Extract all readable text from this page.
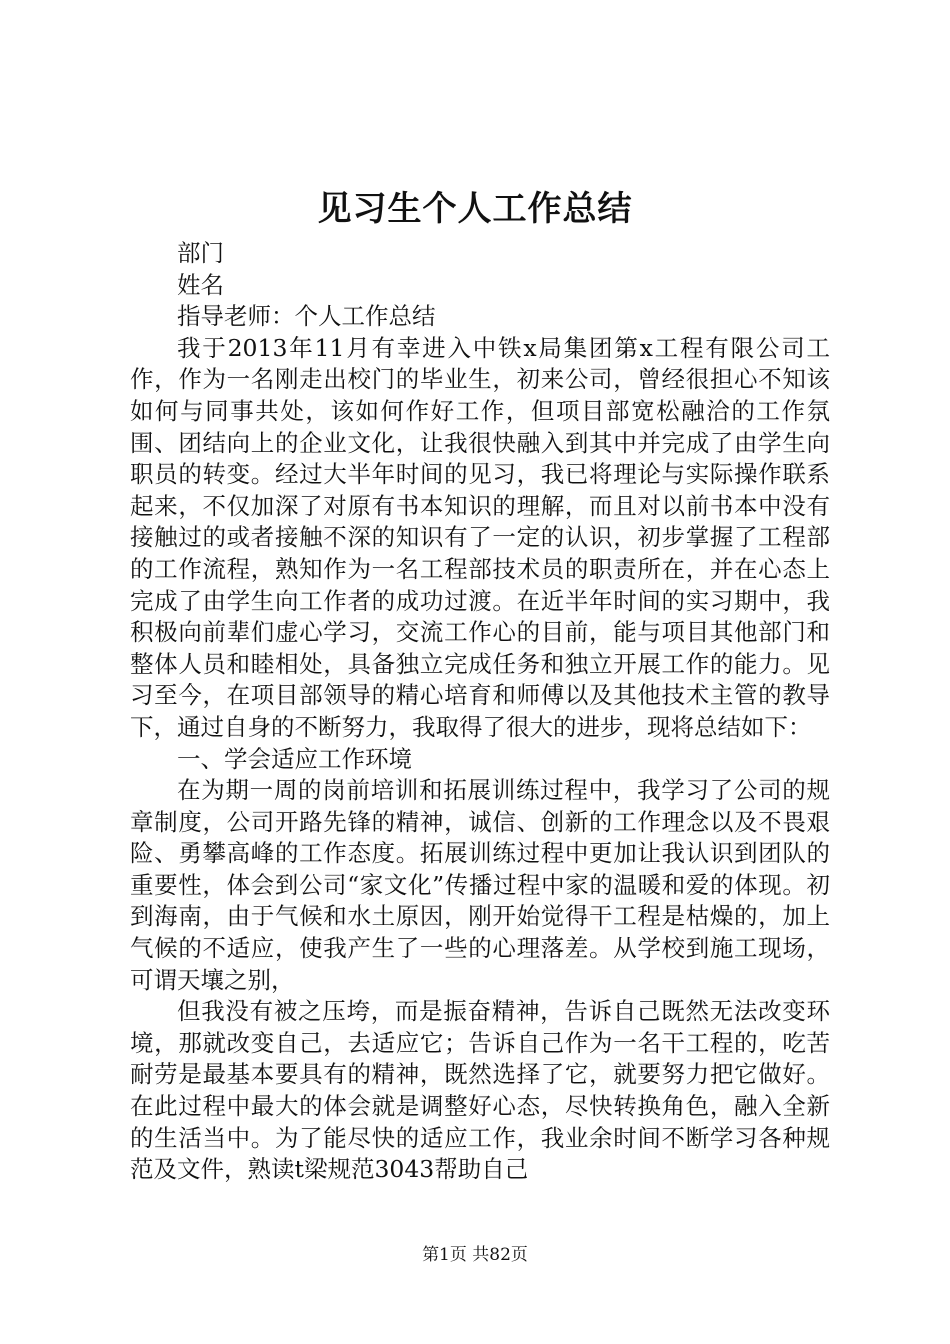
见习生个人工作总结

部门

姓名

指导老师：个人工作总结

我于2013年11月有幸进入中铁x局集团第x工程有限公司工作，作为一名刚走出校门的毕业生，初来公司，曾经很担心不知该如何与同事共处，该如何作好工作，但项目部宽松融洽的工作氛围、团结向上的企业文化，让我很快融入到其中并完成了由学生向职员的转变。经过大半年时间的见习，我已将理论与实际操作联系起来，不仅加深了对原有书本知识的理解，而且对以前书本中没有接触过的或者接触不深的知识有了一定的认识，初步掌握了工程部的工作流程，熟知作为一名工程部技术员的职责所在，并在心态上完成了由学生向工作者的成功过渡。在近半年时间的实习期中，我积极向前辈们虚心学习，交流工作心的目前，能与项目其他部门和整体人员和睦相处，具备独立完成任务和独立开展工作的能力。见习至今，在项目部领导的精心培育和师傅以及其他技术主管的教导下，通过自身的不断努力，我取得了很大的进步，现将总结如下：

一、学会适应工作环境

在为期一周的岗前培训和拓展训练过程中，我学习了公司的规章制度，公司开路先锋的精神，诚信、创新的工作理念以及不畏艰险、勇攀高峰的工作态度。拓展训练过程中更加让我认识到团队的重要性，体会到公司“家文化”传播过程中家的温暖和爱的体现。初到海南，由于气候和水土原因，刚开始觉得干工程是枯燥的，加上气候的不适应，使我产生了一些的心理落差。从学校到施工现场，可谓天壤之别，

但我没有被之压垮，而是振奋精神，告诉自己既然无法改变环境，那就改变自己，去适应它；告诉自己作为一名干工程的，吃苦耐劳是最基本要具有的精神，既然选择了它，就要努力把它做好。在此过程中最大的体会就是调整好心态，尽快转换角色，融入全新的生活当中。为了能尽快的适应工作，我业余时间不断学习各种规范及文件，熟读t梁规范3043帮助自己

第1页 共82页
